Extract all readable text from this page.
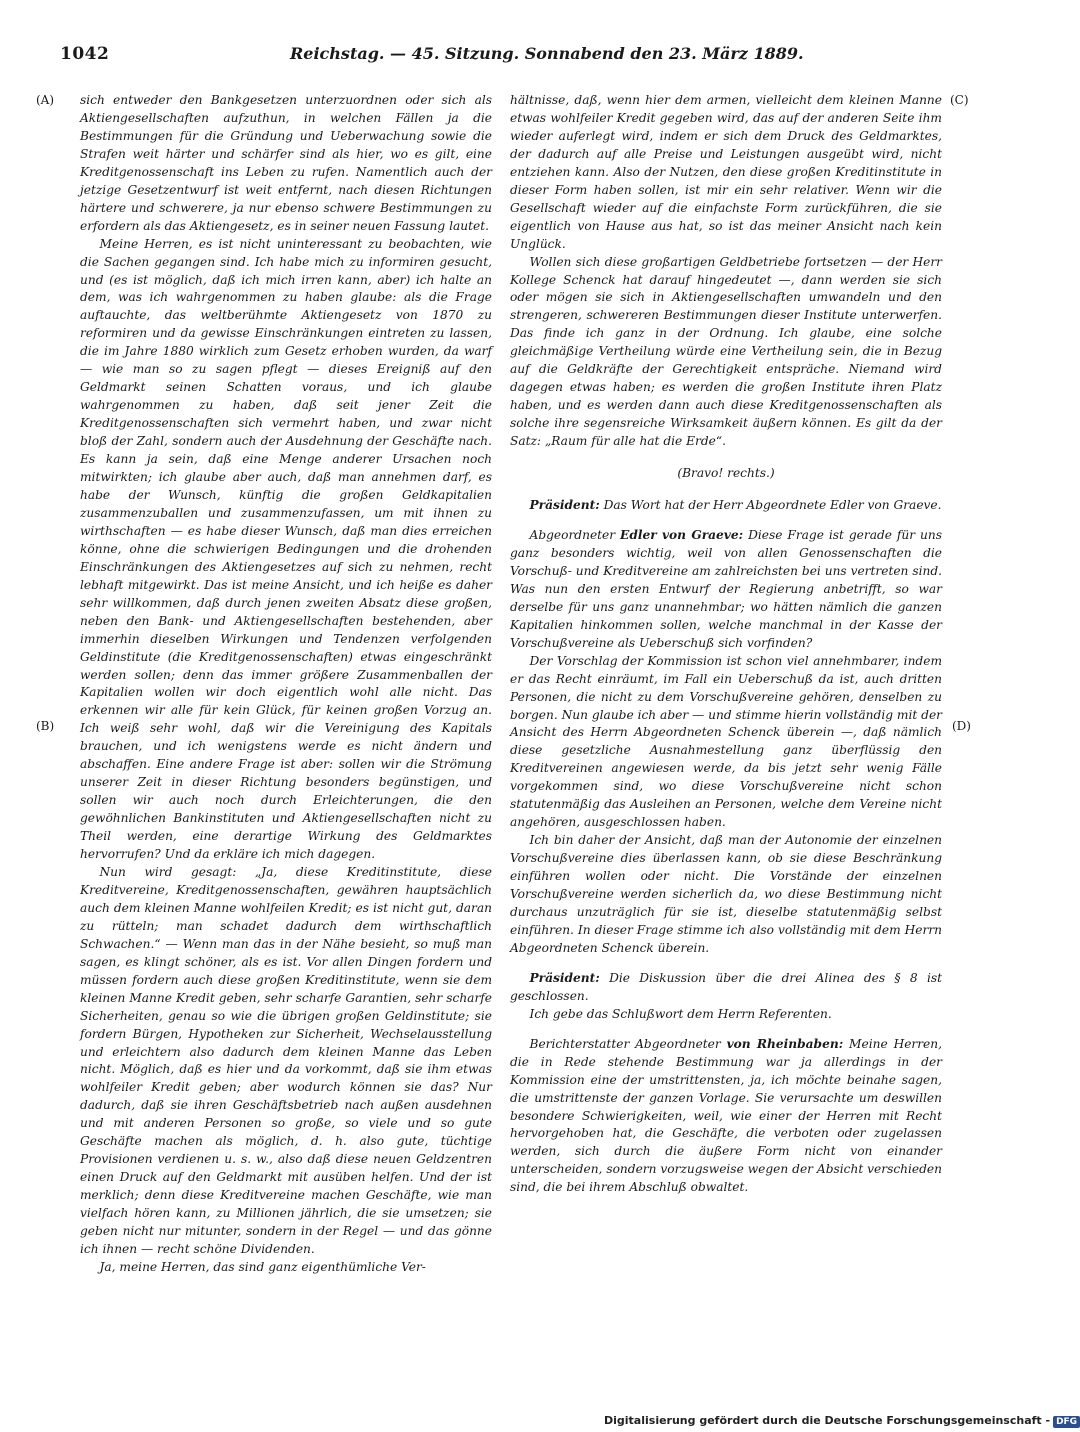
1042	Reichstag. — 45. Sitzung. Sonnabend den 23. März 1889.
(A)
(B)
(C)
(D)

sich entweder den Bankgesetzen unterzuordnen oder sich als Aktiengesellschaften aufzuthun, in welchen Fällen ja die Bestimmungen für die Gründung und Ueberwachung sowie die Strafen weit härter und schärfer sind als hier, wo es gilt, eine Kreditgenossenschaft ins Leben zu rufen. Namentlich auch der jetzige Gesetzentwurf ist weit entfernt, nach diesen Richtungen härtere und schwerere, ja nur ebenso schwere Bestimmungen zu erfordern als das Aktiengesetz, es in seiner neuen Fassung lautet.

Meine Herren, es ist nicht uninteressant zu beobachten, wie die Sachen gegangen sind. Ich habe mich zu informiren gesucht, und (es ist möglich, daß ich mich irren kann, aber) ich halte an dem, was ich wahrgenommen zu haben glaube: als die Frage auftauchte, das weltberühmte Aktiengesetz von 1870 zu reformiren und da gewisse Einschränkungen eintreten zu lassen, die im Jahre 1880 wirklich zum Gesetz erhoben wurden, da warf — wie man so zu sagen pflegt — dieses Ereigniß auf den Geldmarkt seinen Schatten voraus, und ich glaube wahrgenommen zu haben, daß seit jener Zeit die Kreditgenossenschaften sich vermehrt haben, und zwar nicht bloß der Zahl, sondern auch der Ausdehnung der Geschäfte nach. Es kann ja sein, daß eine Menge anderer Ursachen noch mitwirkten; ich glaube aber auch, daß man annehmen darf, es habe der Wunsch, künftig die großen Geldkapitalien zusammenzuballen und zusammenzufassen, um mit ihnen zu wirthschaften — es habe dieser Wunsch, daß man dies erreichen könne, ohne die schwierigen Bedingungen und die drohenden Einschränkungen des Aktiengesetzes auf sich zu nehmen, recht lebhaft mitgewirkt. Das ist meine Ansicht, und ich heiße es daher sehr willkommen, daß durch jenen zweiten Absatz diese großen, neben den Bank- und Aktiengesellschaften bestehenden, aber immerhin dieselben Wirkungen und Tendenzen verfolgenden Geldinstitute (die Kreditgenossenschaften) etwas eingeschränkt werden sollen; denn das immer größere Zusammenballen der Kapitalien wollen wir doch eigentlich wohl alle nicht. Das erkennen wir alle für kein Glück, für keinen großen Vorzug an. Ich weiß sehr wohl, daß wir die Vereinigung des Kapitals brauchen, und ich wenigstens werde es nicht ändern und abschaffen. Eine andere Frage ist aber: sollen wir die Strömung unserer Zeit in dieser Richtung besonders begünstigen, und sollen wir auch noch durch Erleichterungen, die den gewöhnlichen Bankinstituten und Aktiengesellschaften nicht zu Theil werden, eine derartige Wirkung des Geldmarktes hervorrufen? Und da erkläre ich mich dagegen.

Nun wird gesagt: „Ja, diese Kreditinstitute, diese Kreditvereine, Kreditgenossenschaften, gewähren hauptsächlich auch dem kleinen Manne wohlfeilen Kredit; es ist nicht gut, daran zu rütteln; man schadet dadurch dem wirthschaftlich Schwachen.“ — Wenn man das in der Nähe besieht, so muß man sagen, es klingt schöner, als es ist. Vor allen Dingen fordern und müssen fordern auch diese großen Kreditinstitute, wenn sie dem kleinen Manne Kredit geben, sehr scharfe Garantien, sehr scharfe Sicherheiten, genau so wie die übrigen großen Geldinstitute; sie fordern Bürgen, Hypotheken zur Sicherheit, Wechselausstellung und erleichtern also dadurch dem kleinen Manne das Leben nicht. Möglich, daß es hier und da vorkommt, daß sie ihm etwas wohlfeiler Kredit geben; aber wodurch können sie das? Nur dadurch, daß sie ihren Geschäftsbetrieb nach außen ausdehnen und mit anderen Personen so große, so viele und so gute Geschäfte machen als möglich, d. h. also gute, tüchtige Provisionen verdienen u. s. w., also daß diese neuen Geldzentren einen Druck auf den Geldmarkt mit ausüben helfen. Und der ist merklich; denn diese Kreditvereine machen Geschäfte, wie man vielfach hören kann, zu Millionen jährlich, die sie umsetzen; sie geben nicht nur mitunter, sondern in der Regel — und das gönne ich ihnen — recht schöne Dividenden.

Ja, meine Herren, das sind ganz eigenthümliche Ver-

hältnisse, daß, wenn hier dem armen, vielleicht dem kleinen Manne etwas wohlfeiler Kredit gegeben wird, das auf der anderen Seite ihm wieder auferlegt wird, indem er sich dem Druck des Geldmarktes, der dadurch auf alle Preise und Leistungen ausgeübt wird, nicht entziehen kann. Also der Nutzen, den diese großen Kreditinstitute in dieser Form haben sollen, ist mir ein sehr relativer. Wenn wir die Gesellschaft wieder auf die einfachste Form zurückführen, die sie eigentlich von Hause aus hat, so ist das meiner Ansicht nach kein Unglück.

Wollen sich diese großartigen Geldbetriebe fortsetzen — der Herr Kollege Schenck hat darauf hingedeutet —, dann werden sie sich oder mögen sie sich in Aktiengesellschaften umwandeln und den strengeren, schwereren Bestimmungen dieser Institute unterwerfen. Das finde ich ganz in der Ordnung. Ich glaube, eine solche gleichmäßige Vertheilung würde eine Vertheilung sein, die in Bezug auf die Geldkräfte der Gerechtigkeit entspräche. Niemand wird dagegen etwas haben; es werden die großen Institute ihren Platz haben, und es werden dann auch diese Kreditgenossenschaften als solche ihre segensreiche Wirksamkeit äußern können. Es gilt da der Satz: „Raum für alle hat die Erde“.

(Bravo! rechts.)

Präsident: Das Wort hat der Herr Abgeordnete Edler von Graeve.

Abgeordneter Edler von Graeve: Diese Frage ist gerade für uns ganz besonders wichtig, weil von allen Genossenschaften die Vorschuß- und Kreditvereine am zahlreichsten bei uns vertreten sind. Was nun den ersten Entwurf der Regierung anbetrifft, so war derselbe für uns ganz unannehmbar; wo hätten nämlich die ganzen Kapitalien hinkommen sollen, welche manchmal in der Kasse der Vorschußvereine als Ueberschuß sich vorfinden?

Der Vorschlag der Kommission ist schon viel annehmbarer, indem er das Recht einräumt, im Fall ein Ueberschuß da ist, auch dritten Personen, die nicht zu dem Vorschußvereine gehören, denselben zu borgen. Nun glaube ich aber — und stimme hierin vollständig mit der Ansicht des Herrn Abgeordneten Schenck überein —, daß nämlich diese gesetzliche Ausnahmestellung ganz überflüssig den Kreditvereinen angewiesen werde, da bis jetzt sehr wenig Fälle vorgekommen sind, wo diese Vorschußvereine nicht schon statutenmäßig das Ausleihen an Personen, welche dem Vereine nicht angehören, ausgeschlossen haben.

Ich bin daher der Ansicht, daß man der Autonomie der einzelnen Vorschußvereine dies überlassen kann, ob sie diese Beschränkung einführen wollen oder nicht. Die Vorstände der einzelnen Vorschußvereine werden sicherlich da, wo diese Bestimmung nicht durchaus unzuträglich für sie ist, dieselbe statutenmäßig selbst einführen. In dieser Frage stimme ich also vollständig mit dem Herrn Abgeordneten Schenck überein.

Präsident: Die Diskussion über die drei Alinea des § 8 ist geschlossen.

Ich gebe das Schlußwort dem Herrn Referenten.

Berichterstatter Abgeordneter von Rheinbaben: Meine Herren, die in Rede stehende Bestimmung war ja allerdings in der Kommission eine der umstrittensten, ja, ich möchte beinahe sagen, die umstrittenste der ganzen Vorlage. Sie verursachte um deswillen besondere Schwierigkeiten, weil, wie einer der Herren mit Recht hervorgehoben hat, die Geschäfte, die verboten oder zugelassen werden, sich durch die äußere Form nicht von einander unterscheiden, sondern vorzugsweise wegen der Absicht verschieden sind, die bei ihrem Abschluß obwaltet.

Digitalisierung gefördert durch die Deutsche Forschungsgemeinschaft - DFG
